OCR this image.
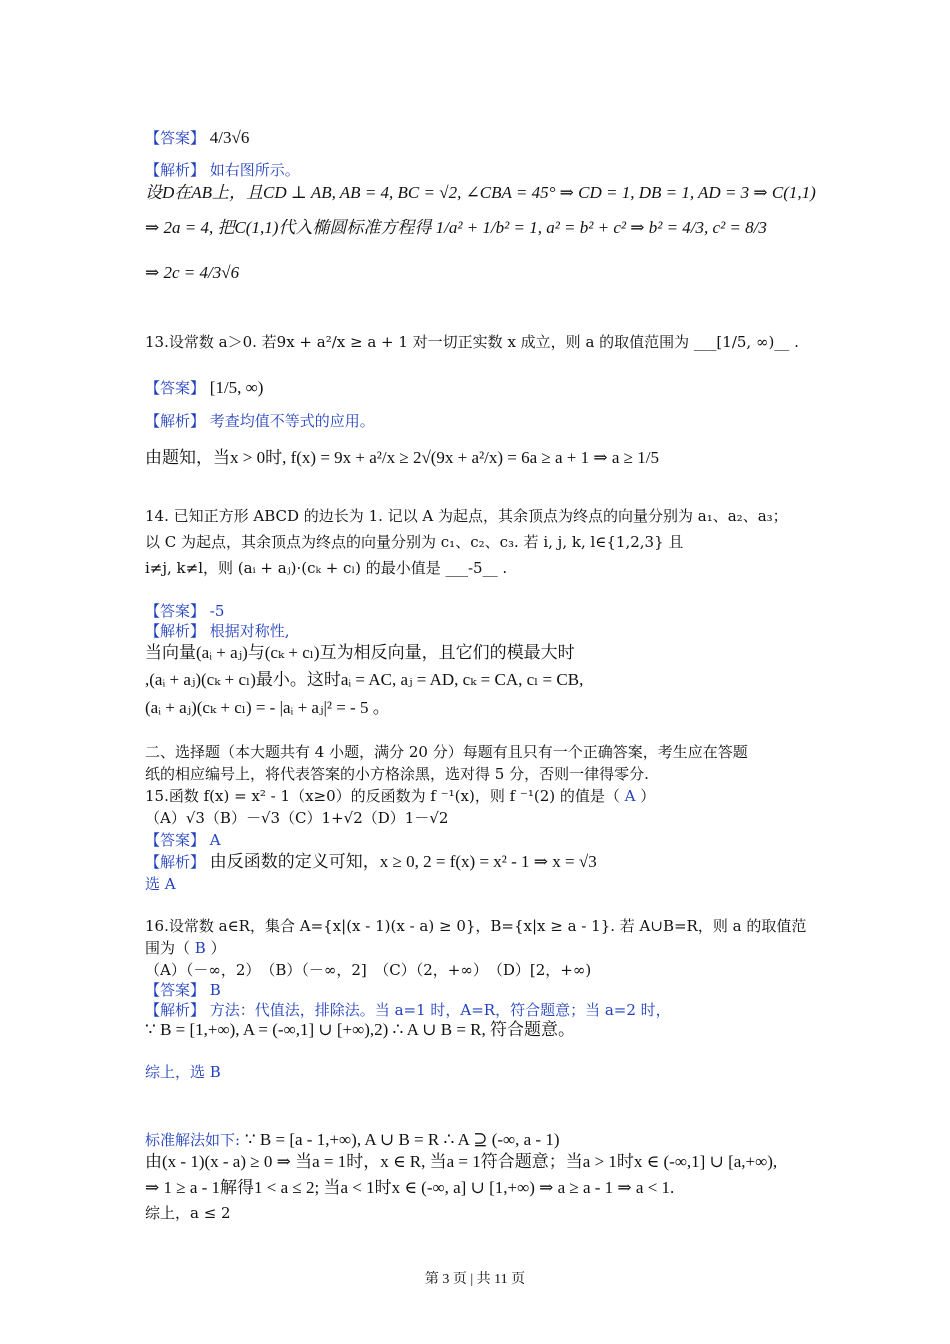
【答案】 4/3√6
【解析】 如右图所示。
设D在AB上，且CD ⊥ AB, AB = 4, BC = √2, ∠CBA = 45° ⇒ CD = 1, DB = 1, AD = 3 ⇒ C(1,1)
⇒ 2a = 4, 把C(1,1)代入椭圆标准方程得 1/a² + 1/b² = 1, a² = b² + c² ⇒ b² = 4/3, c² = 8/3
⇒ 2c = 4/3√6
13.设常数 a＞0. 若9x + a²/x ≥ a + 1 对一切正实数 x 成立，则 a 的取值范围为 ___[1/5, ∞)__ .
【答案】 [1/5, ∞)
【解析】 考查均值不等式的应用。
由题知，当x > 0时, f(x) = 9x + a²/x ≥ 2√(9x + a²/x) = 6a ≥ a + 1 ⇒ a ≥ 1/5
14. 已知正方形 ABCD 的边长为 1. 记以 A 为起点，其余顶点为终点的向量分别为 a₁、a₂、a₃；
以 C 为起点，其余顶点为终点的向量分别为 c₁、c₂、c₃. 若 i, j, k, l∈{1,2,3} 且
i≠j, k≠l，则 (aᵢ + aⱼ)·(cₖ + cₗ) 的最小值是 ___-5__ .
【答案】 -5
【解析】 根据对称性,
当向量(aᵢ + aⱼ)与(cₖ + cₗ)互为相反向量，且它们的模最大时
,(aᵢ + aⱼ)(cₖ + cₗ)最小。这时aᵢ = AC, aⱼ = AD, cₖ = CA, cₗ = CB,
(aᵢ + aⱼ)(cₖ + cₗ) = - |aᵢ + aⱼ|² = - 5 。
二、选择题（本大题共有 4 小题，满分 20 分）每题有且只有一个正确答案，考生应在答题
纸的相应编号上，将代表答案的小方格涂黑，选对得 5 分，否则一律得零分.
15.函数 f(x) = x² - 1（x≥0）的反函数为 f ⁻¹(x)，则 f ⁻¹(2) 的值是（ A ）
（A）√3（B）－√3（C）1+√2（D）1－√2
【答案】 A
【解析】 由反函数的定义可知，x ≥ 0, 2 = f(x) = x² - 1 ⇒ x = √3
选 A
16.设常数 a∈R，集合 A={x|(x - 1)(x - a) ≥ 0}，B={x|x ≥ a - 1}. 若 A∪B=R，则 a 的取值范
围为（ B ）
（A）（－∞，2）　（B）（－∞，2]　（C）（2，+∞）　（D）[2，+∞)
【答案】 B
【解析】 方法：代值法，排除法。当 a=1 时，A=R，符合题意；当 a=2 时，
∵ B = [1,+∞), A = (-∞,1] ∪ [+∞),2) ∴ A ∪ B = R, 符合题意。
综上，选 B
标准解法如下: ∵ B = [a - 1,+∞), A ∪ B = R ∴ A ⊇ (-∞, a - 1)
由(x - 1)(x - a) ≥ 0 ⇒ 当a = 1时，x ∈ R, 当a = 1符合题意；当a > 1时x ∈ (-∞,1] ∪ [a,+∞),
⇒ 1 ≥ a - 1解得1 < a ≤ 2; 当a < 1时x ∈ (-∞, a] ∪ [1,+∞) ⇒ a ≥ a - 1 ⇒ a < 1.
综上，a ≤ 2
第 3 页 | 共 11 页
